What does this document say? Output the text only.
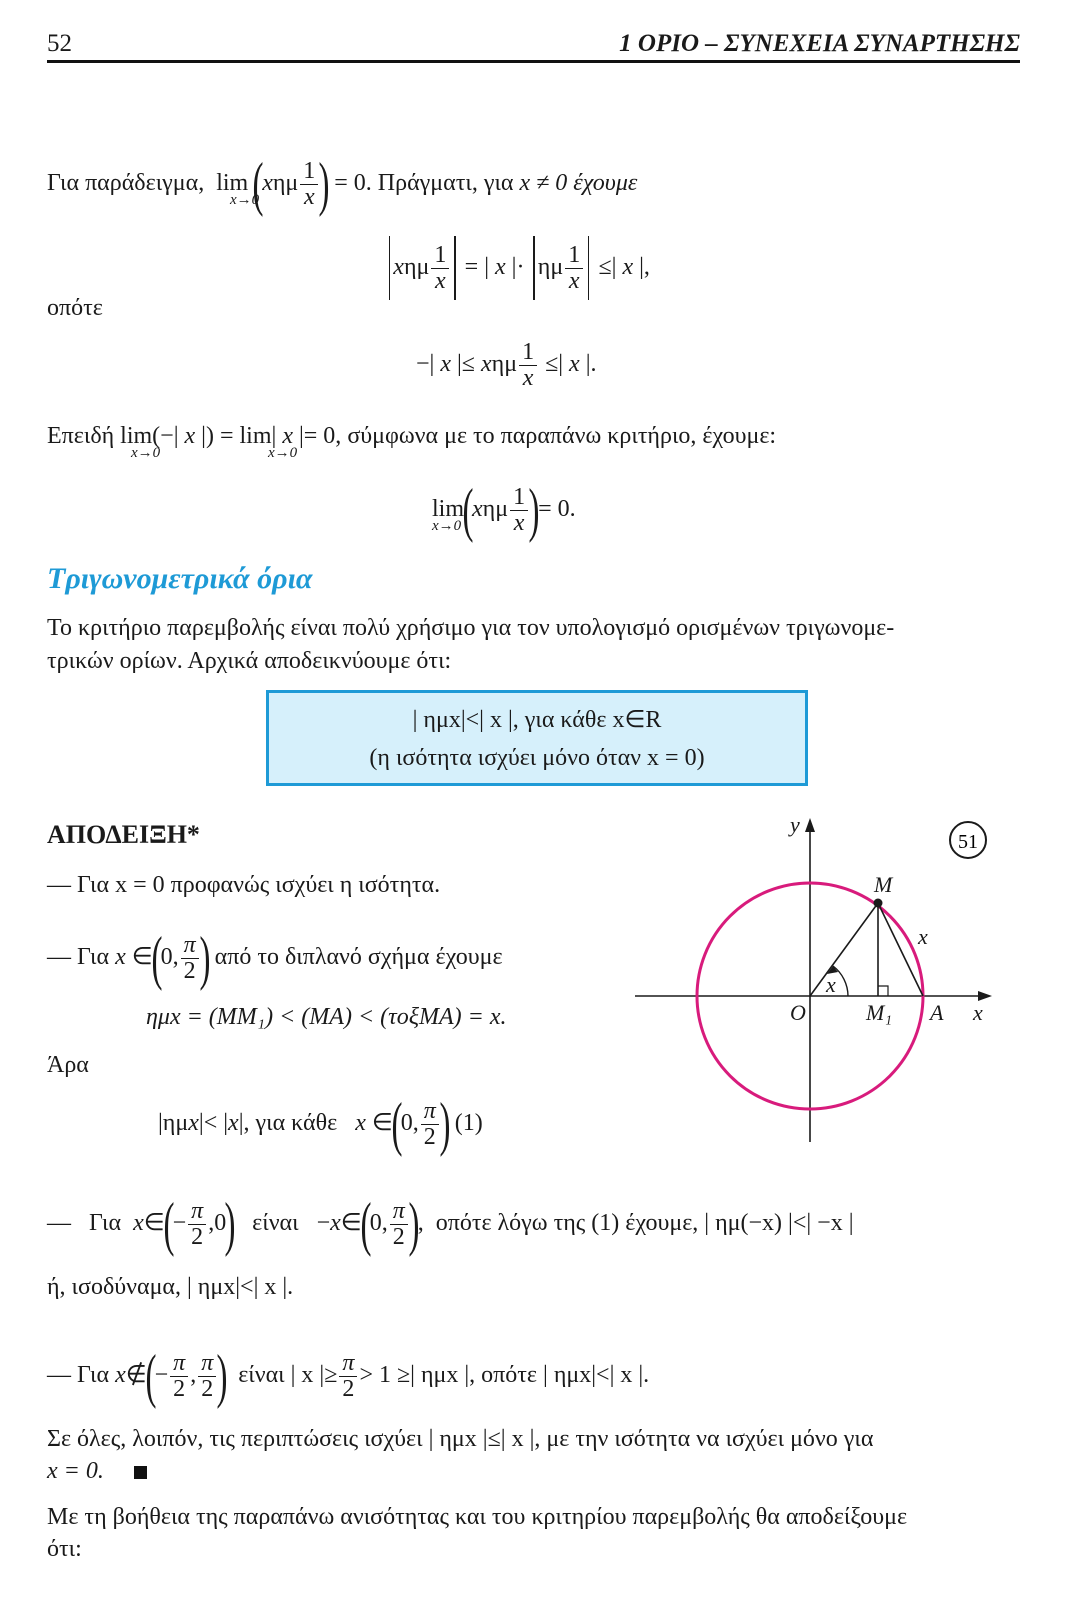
52	1 ΟΡΙΟ – ΣΥΝΕΧΕΙΑ ΣΥΝΑΡΤΗΣΗΣ
Για παράδειγμα, $\lim (x\eta\mu \frac{1}{x}$ ) = 0. Πράγματι, για x ≠ 0 έχουμε
x→0
xημ $\frac{1}{x}$ = | x |· ημ $\frac{1}{x}$ ≤| x |,
οπότε
−| x |≤ xημ $\frac{1}{x}$ ≤| x |.
Επειδή lim(−| x |) = lim| x |= 0, σύμφωνα με το παραπάνω κριτήριο, έχουμε:
x→0	x→0
$\lim(x\eta\mu \frac{1}{x}$ )= 0.
x→0
Τριγωνομετρικά όρια
Το κριτήριο παρεμβολής είναι πολύ χρήσιμο για τον υπολογισμό ορισμένων τριγωνομε-
τρικών ορίων. Αρχικά αποδεικνύουμε ότι:
| ημx|<| x |, για κάθε x∈R
(η ισότητα ισχύει μόνο όταν x = 0)
ΑΠΟΔΕΙΞΗ*
— Για x = 0 προφανώς ισχύει η ισότητα.
— Για x ∈(0, $\frac{\pi}{2}$ ) από το διπλανό σχήμα έχουμε
ημx = (MM₁) < (MA) < (τοξMA) = x.
Άρα
|ημx|< |x|, για κάθε x ∈(0, $\frac{\pi}{2}$ ) (1)
—   Για  x∈(− $\frac{\pi}{2} ,0$) είναι   −x∈(0, $\frac{\pi}{2}$ ),  οπότε λόγω της (1) έχουμε, | ημ(−x) |<| −x |
ή, ισοδύναμα, | ημx|<| x |.
— Για x∉(− $\frac{\pi}{2}$ , $\frac{\pi}{2}$ ) είναι | x |≥ $\frac{\pi}{2} > 1$ ≥| ημx |, οπότε | ημx|<| x |.
Σε όλες, λοιπόν, τις περιπτώσεις ισχύει | ημx |≤| x |, με την ισότητα να ισχύει μόνο για
x = 0.
Με τη βοήθεια της παραπάνω ανισότητας και του κριτηρίου παρεμβολής θα αποδείξουμε
ότι:
51
y
x
O
M
M₁ A
x
x
